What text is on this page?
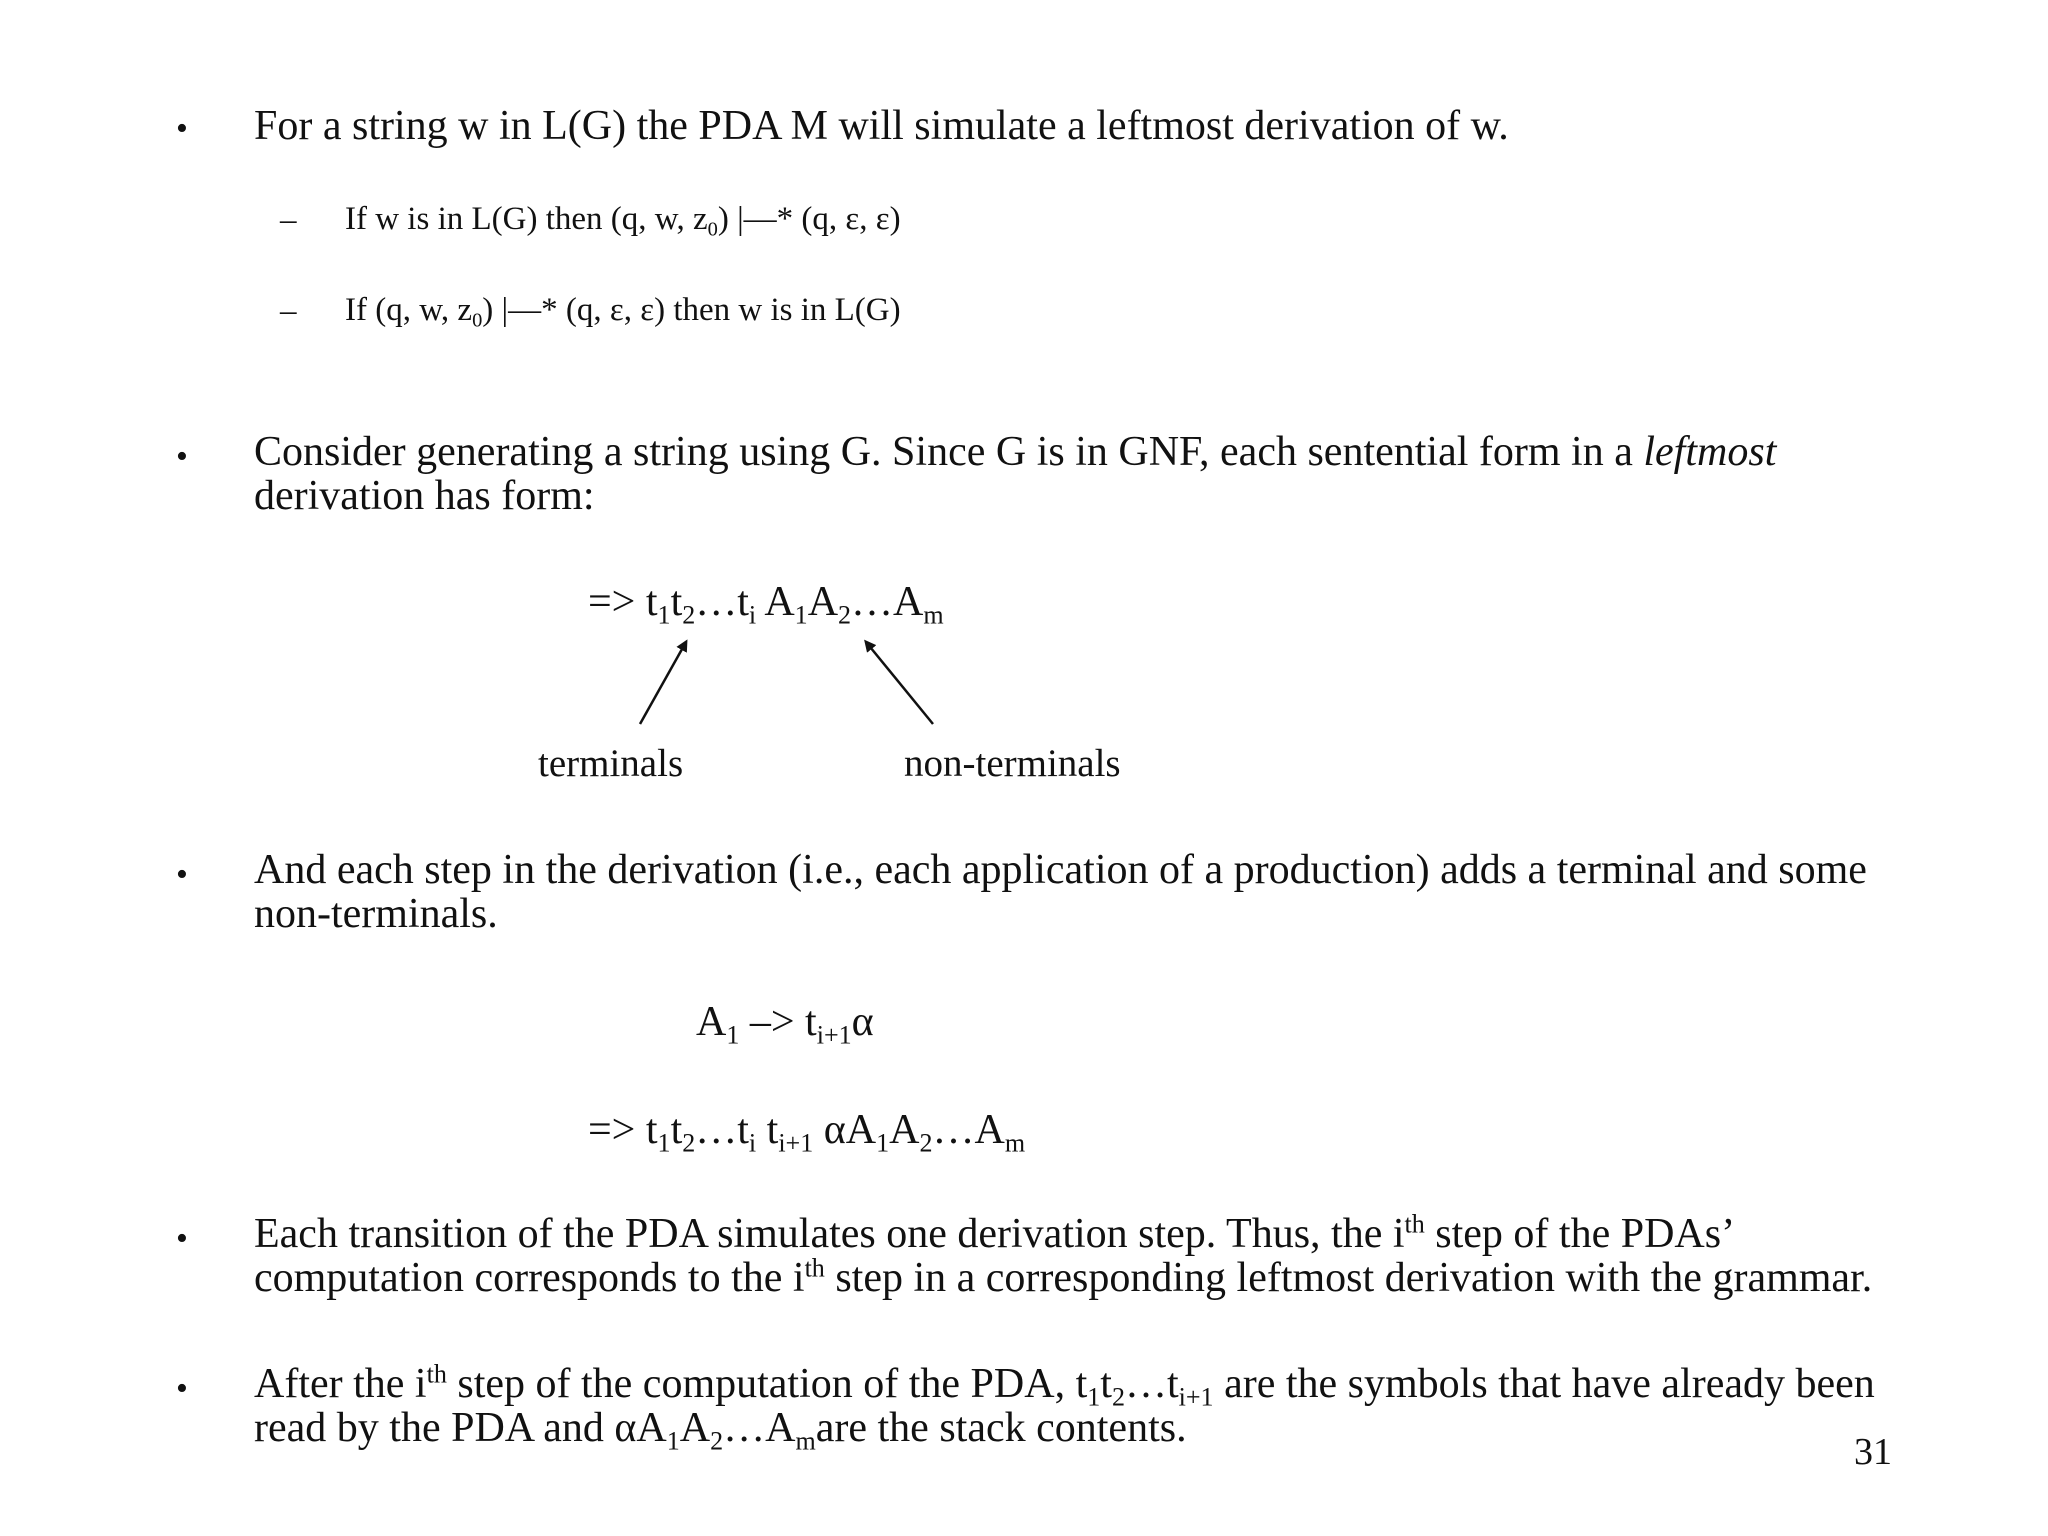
• For a string w in L(G) the PDA M will simulate a leftmost derivation of w.
– If w is in L(G) then (q, w, $z_0$) |—* (q, ε, ε)
– If (q, w, $z_0$) |—* (q, ε, ε) then w is in L(G)
• Consider generating a string using G. Since G is in GNF, each sentential form in a leftmost derivation has form:
=> $t_1t_2\dots t_i$ $A_1A_2\dots A_m$
terminals	non-terminals
• And each step in the derivation (i.e., each application of a production) adds a terminal and some non-terminals.
$A_1 -> t_{i+1}\alpha$
=> $t_1t_2\dots t_i$ $t_{i+1}$ $\alpha A_1A_2\dots A_m$
• Each transition of the PDA simulates one derivation step. Thus, the $i^{th}$ step of the PDAs’ computation corresponds to the $i^{th}$ step in a corresponding leftmost derivation with the grammar.
• After the $i^{th}$ step of the computation of the PDA, $t_1t_2\dots t_{i+1}$ are the symbols that have already been read by the PDA and $\alpha A_1A_2\dots A_mare$ the stack contents.
31
